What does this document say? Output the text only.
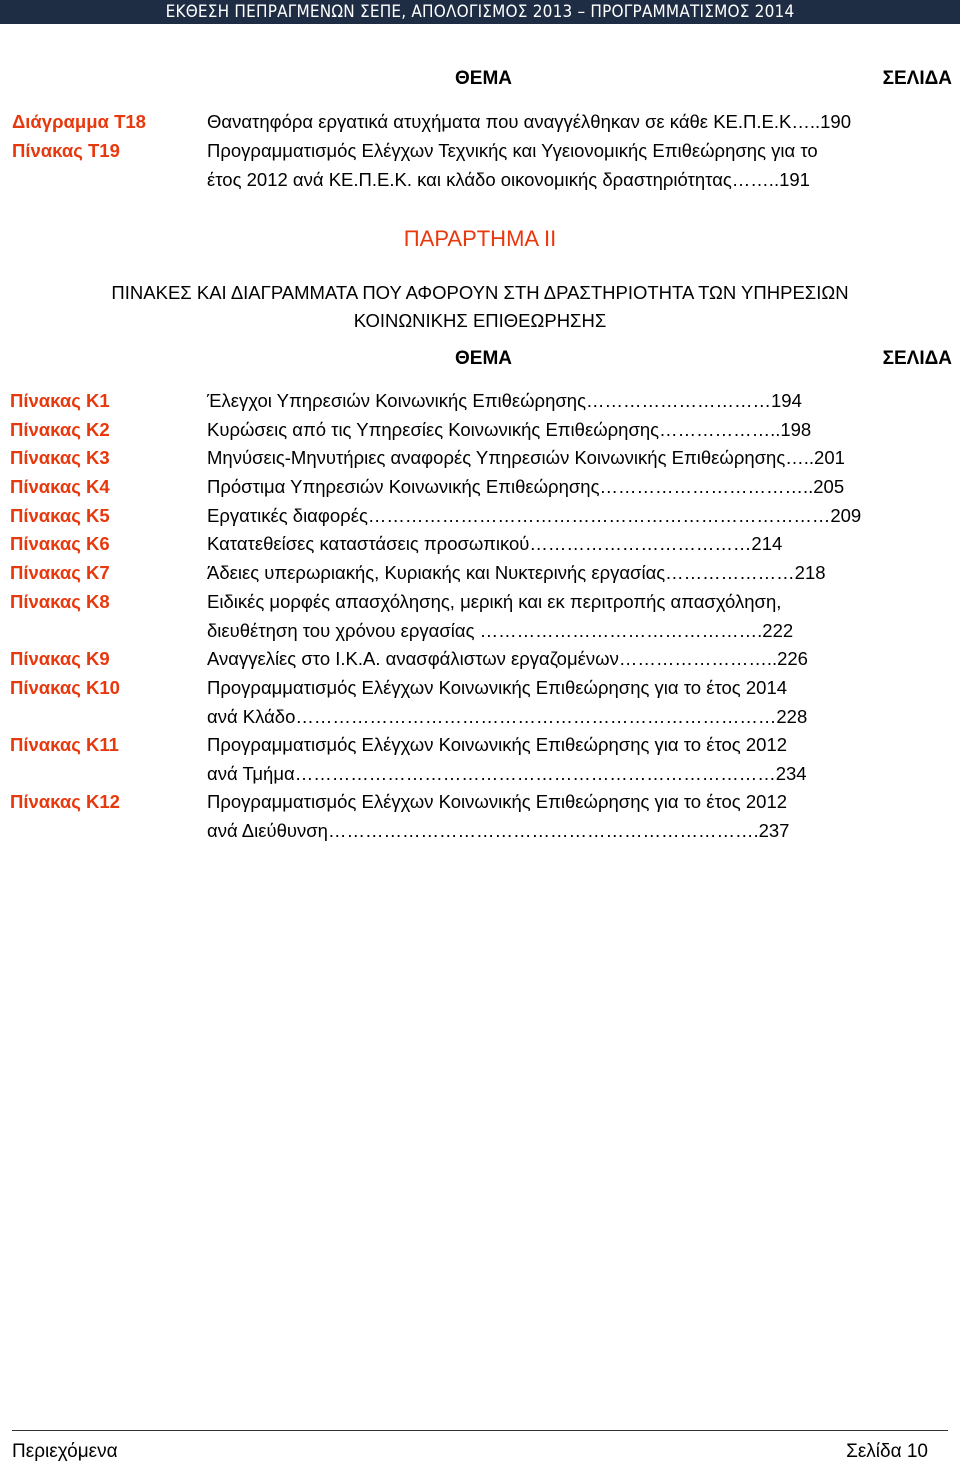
ΕΚΘΕΣΗ ΠΕΠΡΑΓΜΕΝΩΝ ΣΕΠΕ, ΑΠΟΛΟΓΙΣΜΟΣ 2013 – ΠΡΟΓΡΑΜΜΑΤΙΣΜΟΣ 2014
ΘΕΜΑ	ΣΕΛΙΔΑ
Διάγραμμα Τ18	Θανατηφόρα εργατικά ατυχήματα που αναγγέλθηκαν σε κάθε ΚΕ.Π.Ε.Κ…..190
Πίνακας Τ19	Προγραμματισμός Ελέγχων Τεχνικής και Υγειονομικής Επιθεώρησης για το
έτος 2012 ανά ΚΕ.Π.Ε.Κ. και κλάδο οικονομικής δραστηριότητας……..191
ΠΑΡΑΡΤΗΜΑ ΙΙ
ΠΙΝΑΚΕΣ ΚΑΙ ΔΙΑΓΡΑΜΜΑΤΑ ΠΟΥ ΑΦΟΡΟΥΝ ΣΤΗ ΔΡΑΣΤΗΡΙΟΤΗΤΑ ΤΩΝ ΥΠΗΡΕΣΙΩΝ
ΚΟΙΝΩΝΙΚΗΣ ΕΠΙΘΕΩΡΗΣΗΣ
ΘΕΜΑ	ΣΕΛΙΔΑ
Πίνακας Κ1	Έλεγχοι Υπηρεσιών Κοινωνικής Επιθεώρησης…………………………194
Πίνακας Κ2	Κυρώσεις από τις Υπηρεσίες Κοινωνικής Επιθεώρησης………………..198
Πίνακας Κ3	Μηνύσεις-Μηνυτήριες αναφορές Υπηρεσιών Κοινωνικής Επιθεώρησης…..201
Πίνακας Κ4	Πρόστιμα Υπηρεσιών Κοινωνικής Επιθεώρησης……………………………..205
Πίνακας Κ5	Εργατικές διαφορές…………………………………………………………………209
Πίνακας Κ6	Κατατεθείσες καταστάσεις προσωπικού………………………………214
Πίνακας Κ7	Άδειες υπερωριακής, Κυριακής και Νυκτερινής εργασίας…………………218
Πίνακας Κ8	Ειδικές μορφές απασχόλησης, μερική και εκ περιτροπής απασχόληση,
διευθέτηση του χρόνου εργασίας ……………………………………….222
Πίνακας Κ9	Αναγγελίες στο Ι.Κ.Α. ανασφάλιστων εργαζομένων……………………..226
Πίνακας Κ10	Προγραμματισμός Ελέγχων Κοινωνικής Επιθεώρησης για το έτος 2014
ανά Κλάδο……………………………………………………………………228
Πίνακας Κ11	Προγραμματισμός Ελέγχων Κοινωνικής Επιθεώρησης για το έτος 2012
ανά Τμήμα……………………………………………………………………234
Πίνακας Κ12	Προγραμματισμός Ελέγχων Κοινωνικής Επιθεώρησης για το έτος 2012
ανά Διεύθυνση…………………………………………………………….237
Περιεχόμενα	Σελίδα 10
